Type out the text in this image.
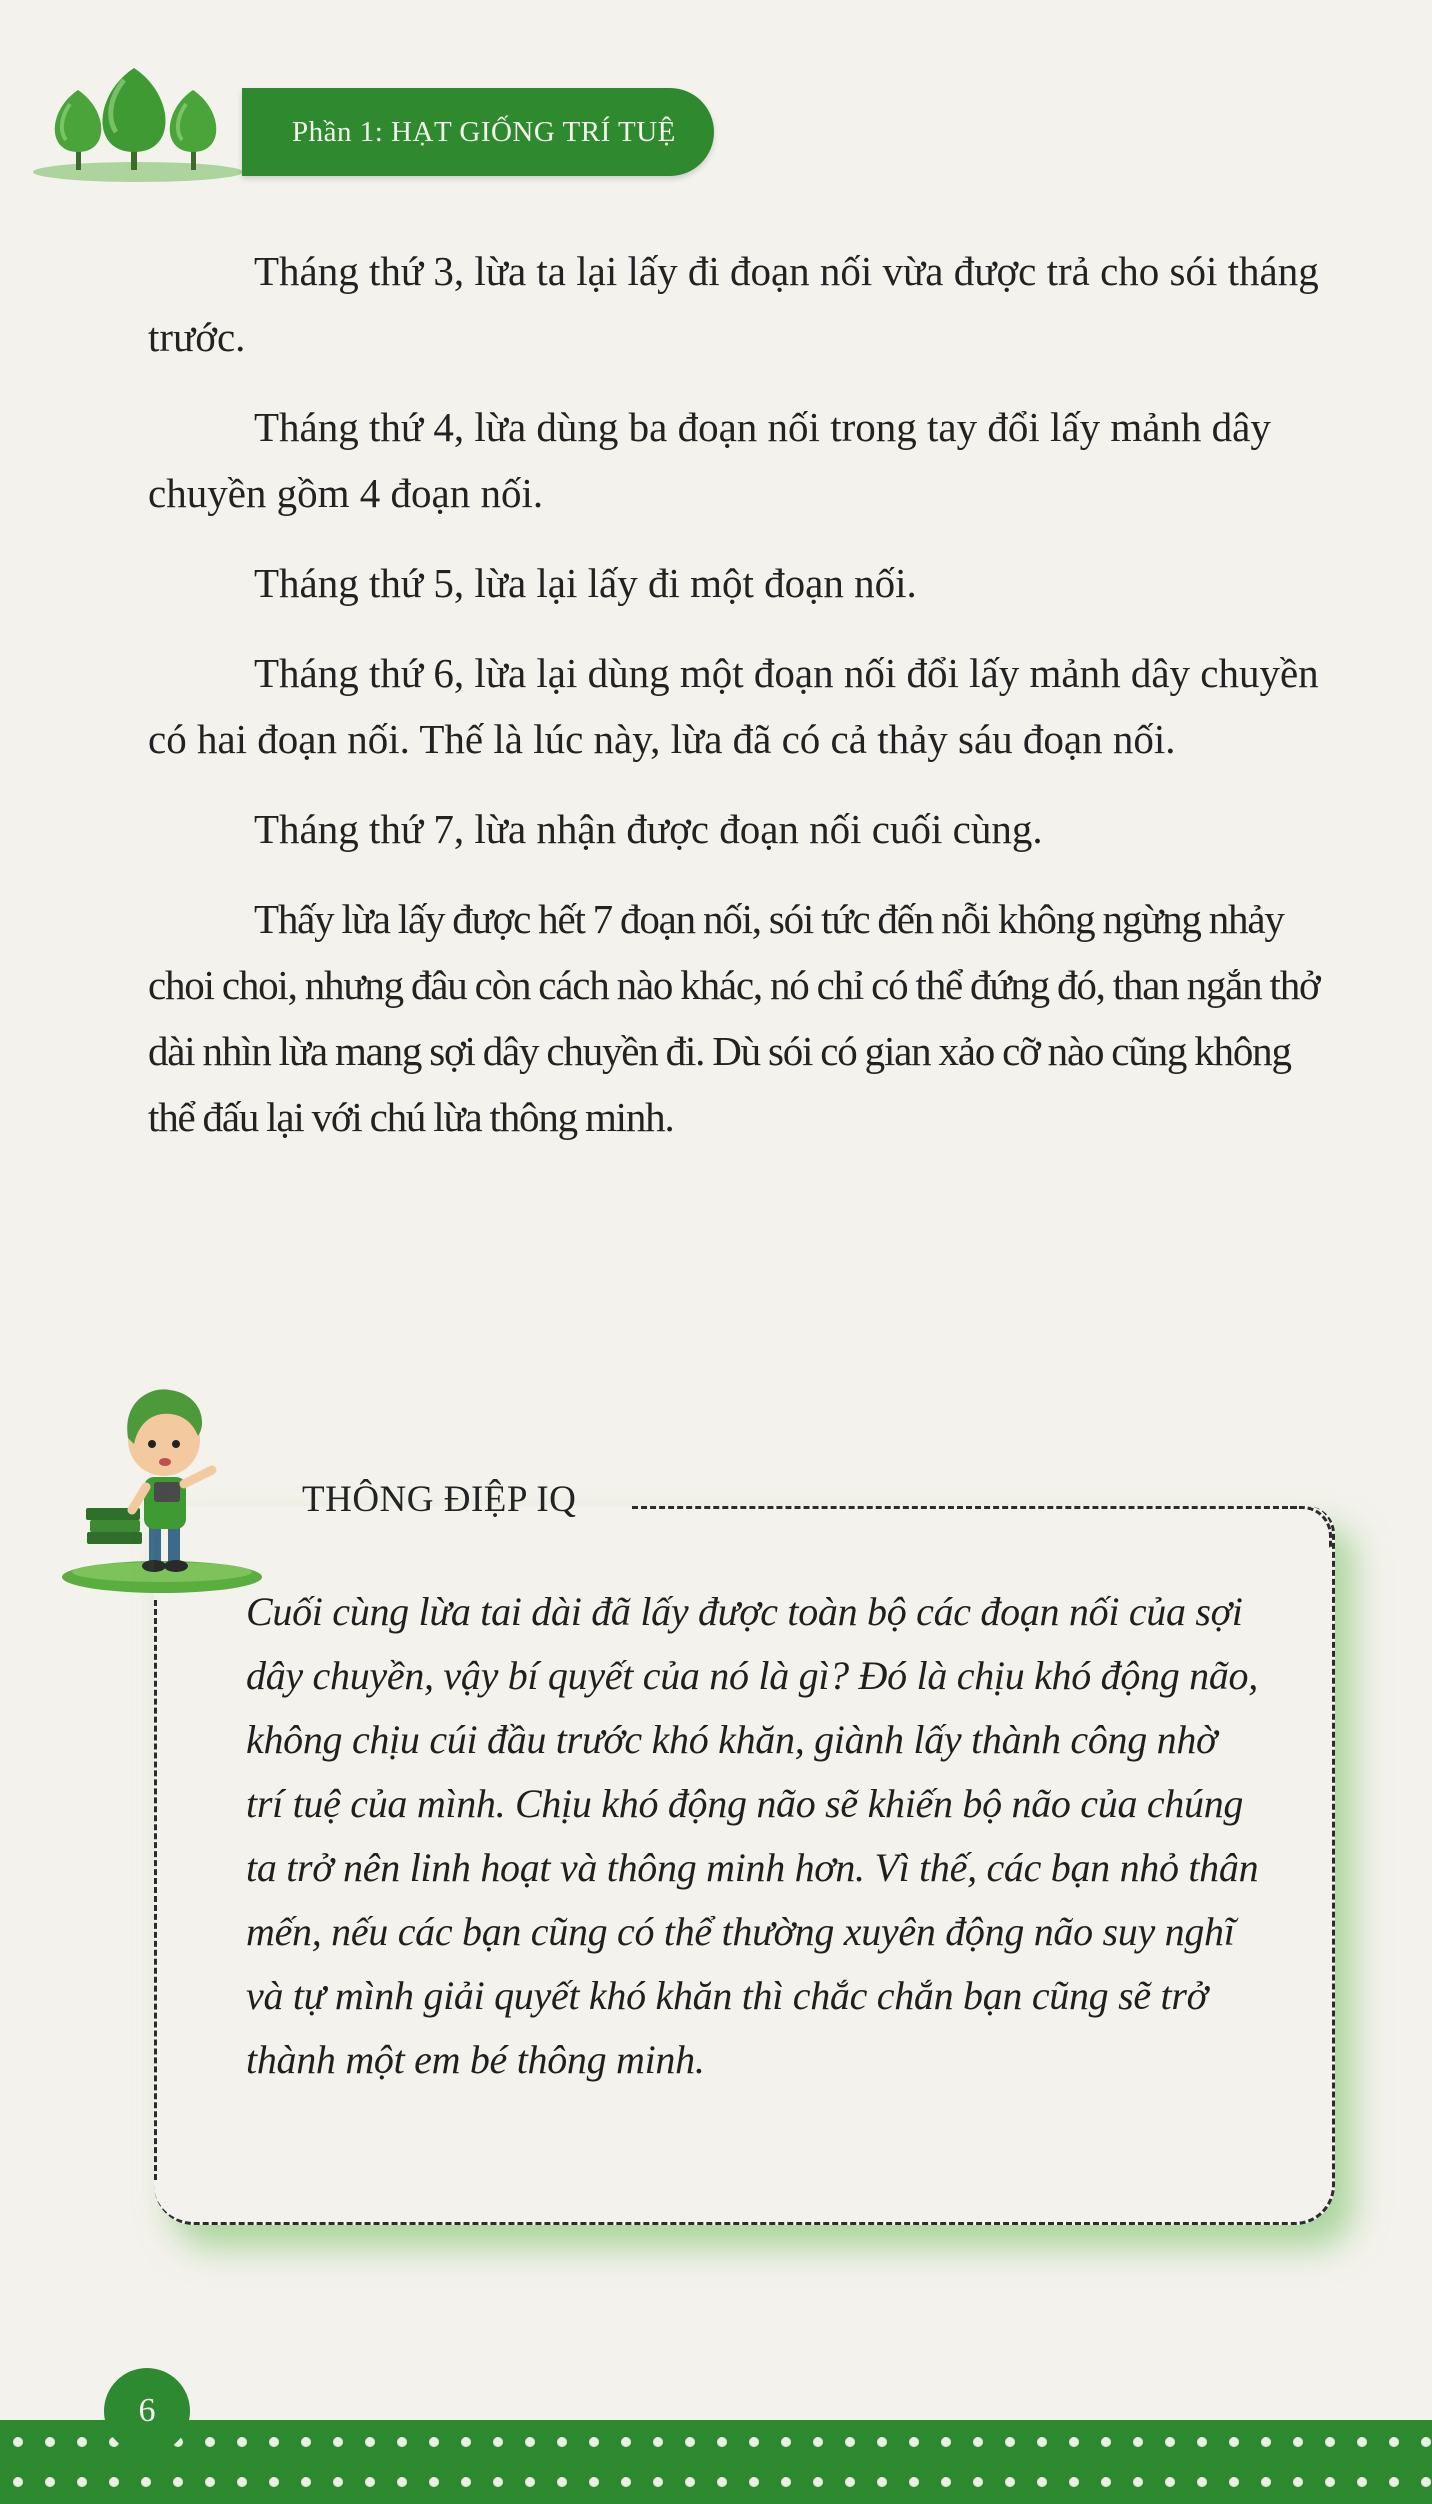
Phần 1: HẠT GIỐNG TRÍ TUỆ

Tháng thứ 3, lừa ta lại lấy đi đoạn nối vừa được trả cho sói tháng trước.

Tháng thứ 4, lừa dùng ba đoạn nối trong tay đổi lấy mảnh dây chuyền gồm 4 đoạn nối.

Tháng thứ 5, lừa lại lấy đi một đoạn nối.

Tháng thứ 6, lừa lại dùng một đoạn nối đổi lấy mảnh dây chuyền có hai đoạn nối. Thế là lúc này, lừa đã có cả thảy sáu đoạn nối.

Tháng thứ 7, lừa nhận được đoạn nối cuối cùng.

Thấy lừa lấy được hết 7 đoạn nối, sói tức đến nỗi không ngừng nhảy choi choi, nhưng đâu còn cách nào khác, nó chỉ có thể đứng đó, than ngắn thở dài nhìn lừa mang sợi dây chuyền đi. Dù sói có gian xảo cỡ nào cũng không thể đấu lại với chú lừa thông minh.

THÔNG ĐIỆP IQ

Cuối cùng lừa tai dài đã lấy được toàn bộ các đoạn nối của sợi dây chuyền, vậy bí quyết của nó là gì? Đó là chịu khó động não, không chịu cúi đầu trước khó khăn, giành lấy thành công nhờ trí tuệ của mình. Chịu khó động não sẽ khiến bộ não của chúng ta trở nên linh hoạt và thông minh hơn. Vì thế, các bạn nhỏ thân mến, nếu các bạn cũng có thể thường xuyên động não suy nghĩ và tự mình giải quyết khó khăn thì chắc chắn bạn cũng sẽ trở thành một em bé thông minh.

6
